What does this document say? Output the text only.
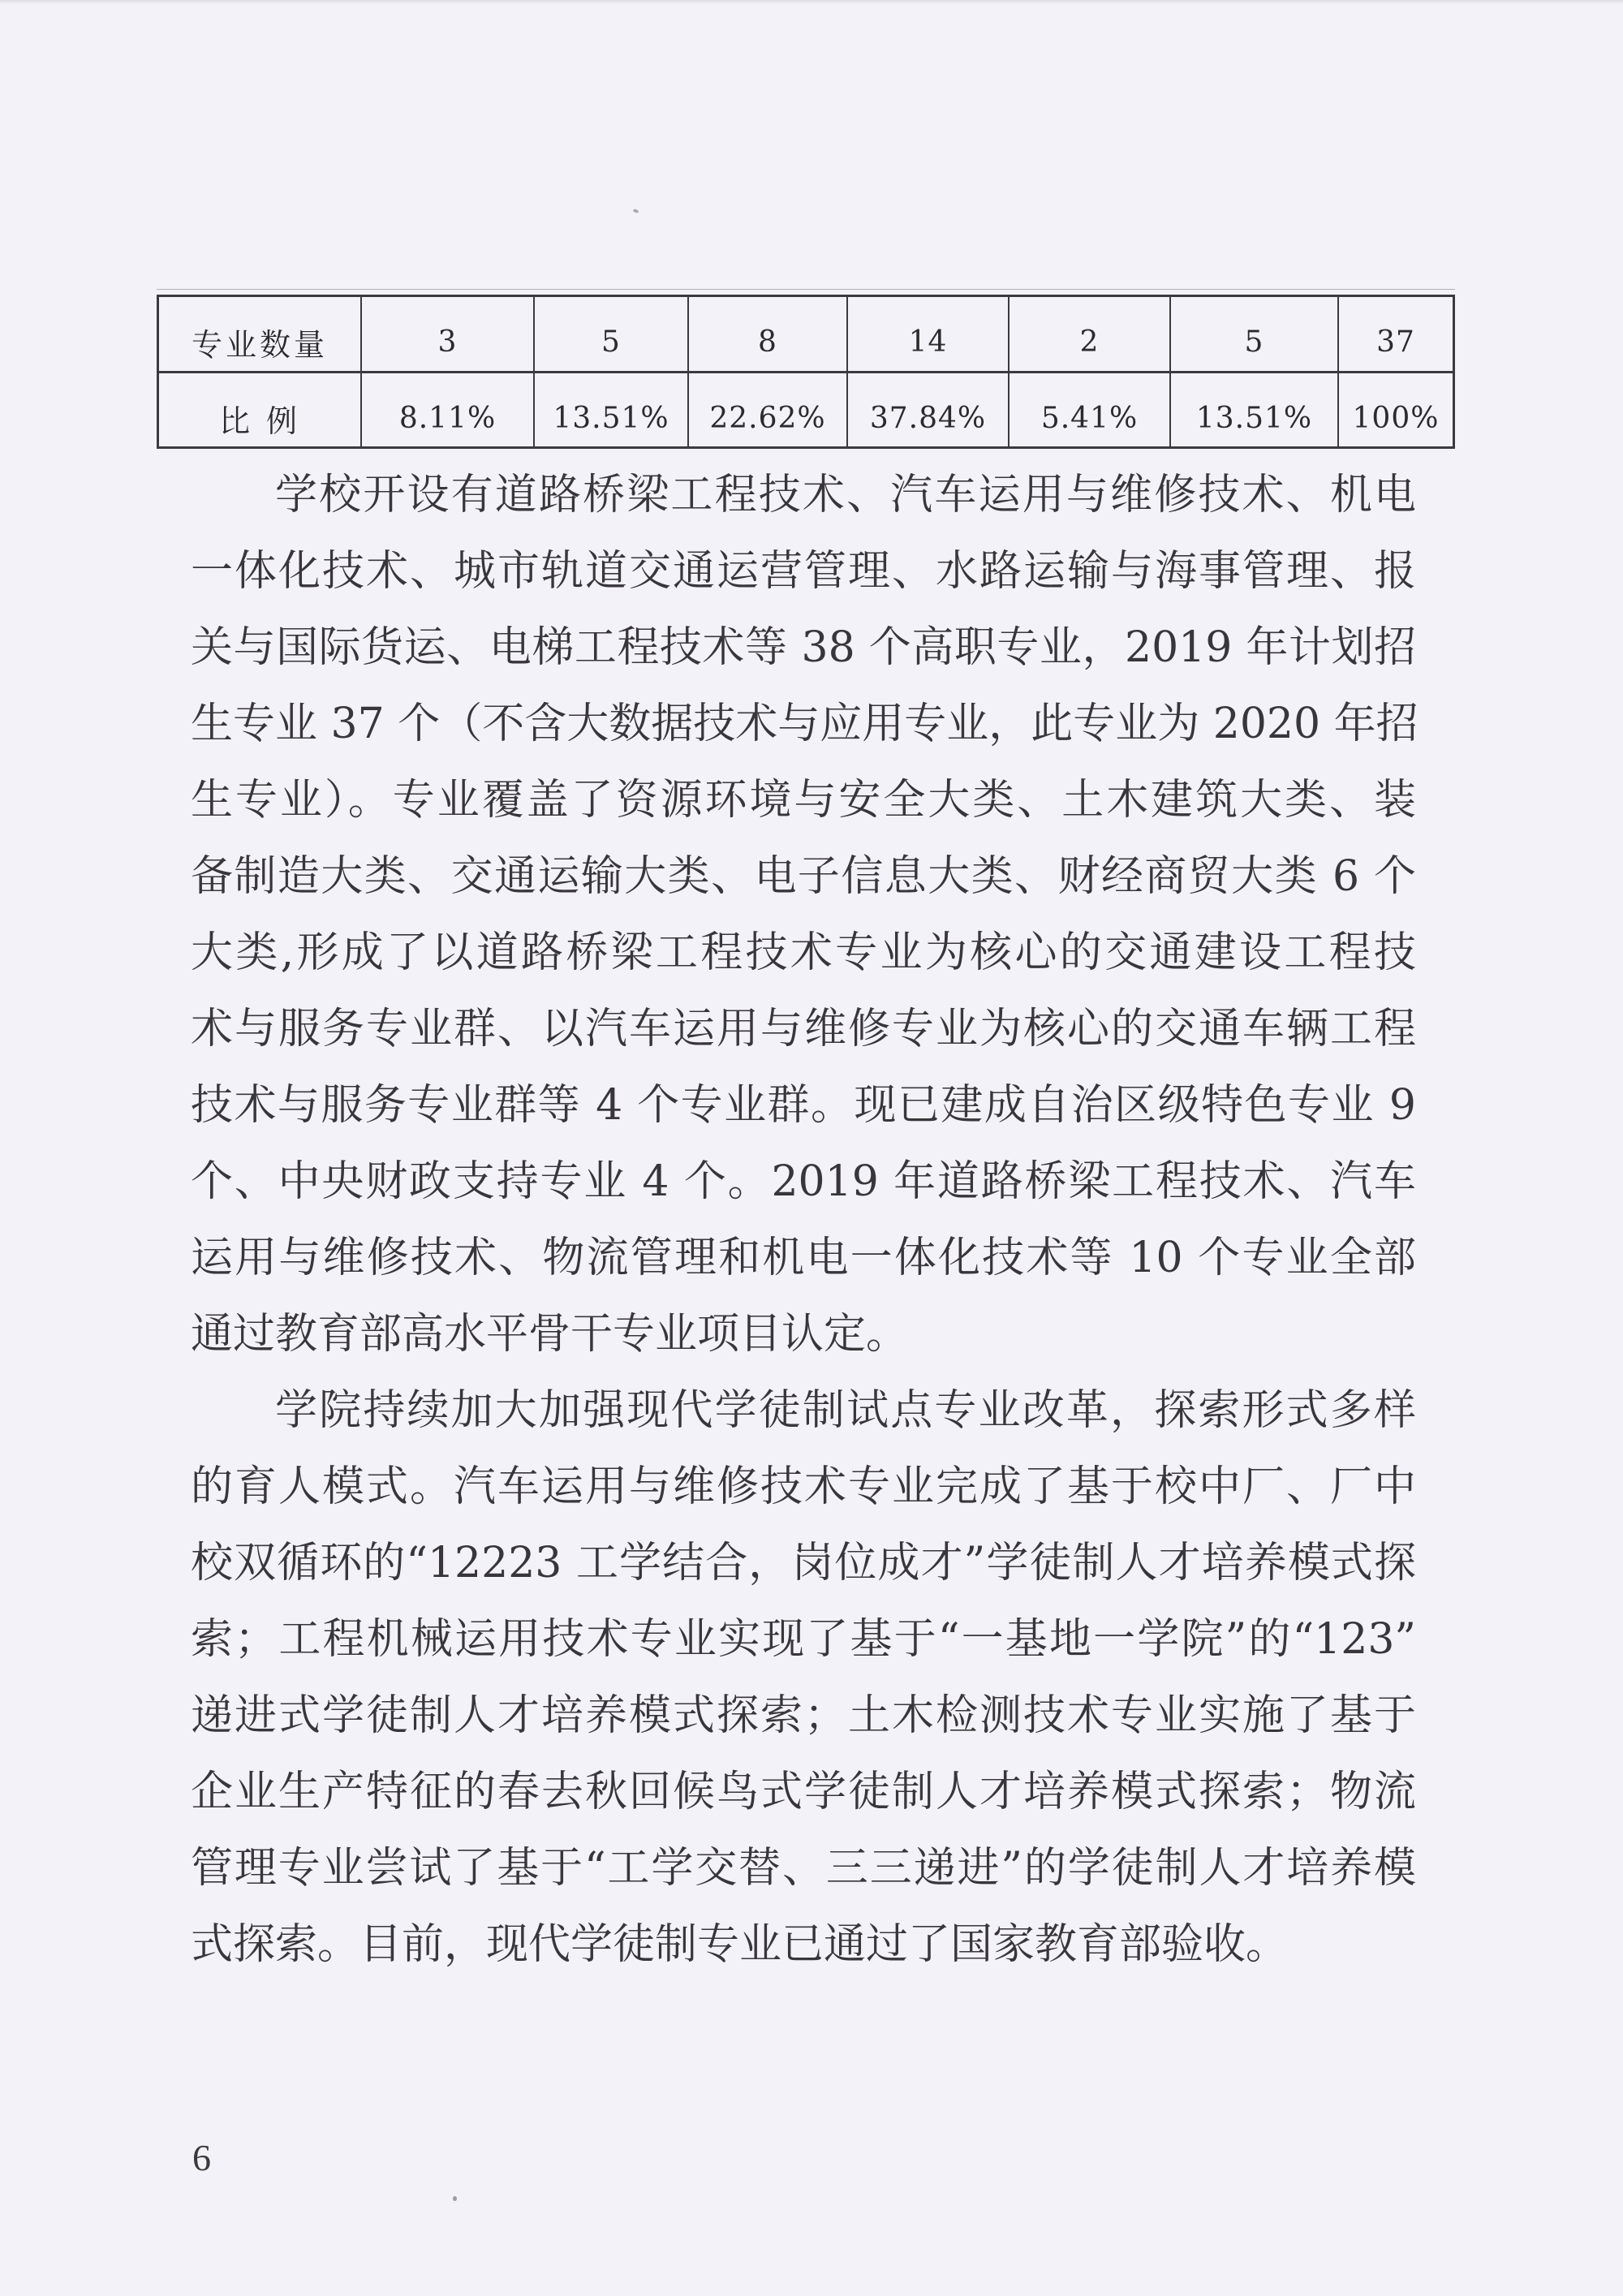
专业数量	3	5	8	14	2	5	37
比 例	8.11%	13.51%	22.62%	37.84%	5.41%	13.51%	100%
学校开设有道路桥梁工程技术、汽车运用与维修技术、机电
一体化技术、城市轨道交通运营管理、水路运输与海事管理、报
关与国际货运、电梯工程技术等 38 个高职专业，2019 年计划招
生专业 37 个（不含大数据技术与应用专业，此专业为 2020 年招
生专业）。专业覆盖了资源环境与安全大类、土木建筑大类、装
备制造大类、交通运输大类、电子信息大类、财经商贸大类 6 个
大类,形成了以道路桥梁工程技术专业为核心的交通建设工程技
术与服务专业群、以汽车运用与维修专业为核心的交通车辆工程
技术与服务专业群等 4 个专业群。现已建成自治区级特色专业 9
个、中央财政支持专业 4 个。2019 年道路桥梁工程技术、汽车
运用与维修技术、物流管理和机电一体化技术等 10 个专业全部
通过教育部高水平骨干专业项目认定。
学院持续加大加强现代学徒制试点专业改革，探索形式多样
的育人模式。汽车运用与维修技术专业完成了基于校中厂、厂中
校双循环的“12223 工学结合，岗位成才”学徒制人才培养模式探
索；工程机械运用技术专业实现了基于“一基地一学院”的“123”
递进式学徒制人才培养模式探索；土木检测技术专业实施了基于
企业生产特征的春去秋回候鸟式学徒制人才培养模式探索；物流
管理专业尝试了基于“工学交替、三三递进”的学徒制人才培养模
式探索。目前，现代学徒制专业已通过了国家教育部验收。
6
